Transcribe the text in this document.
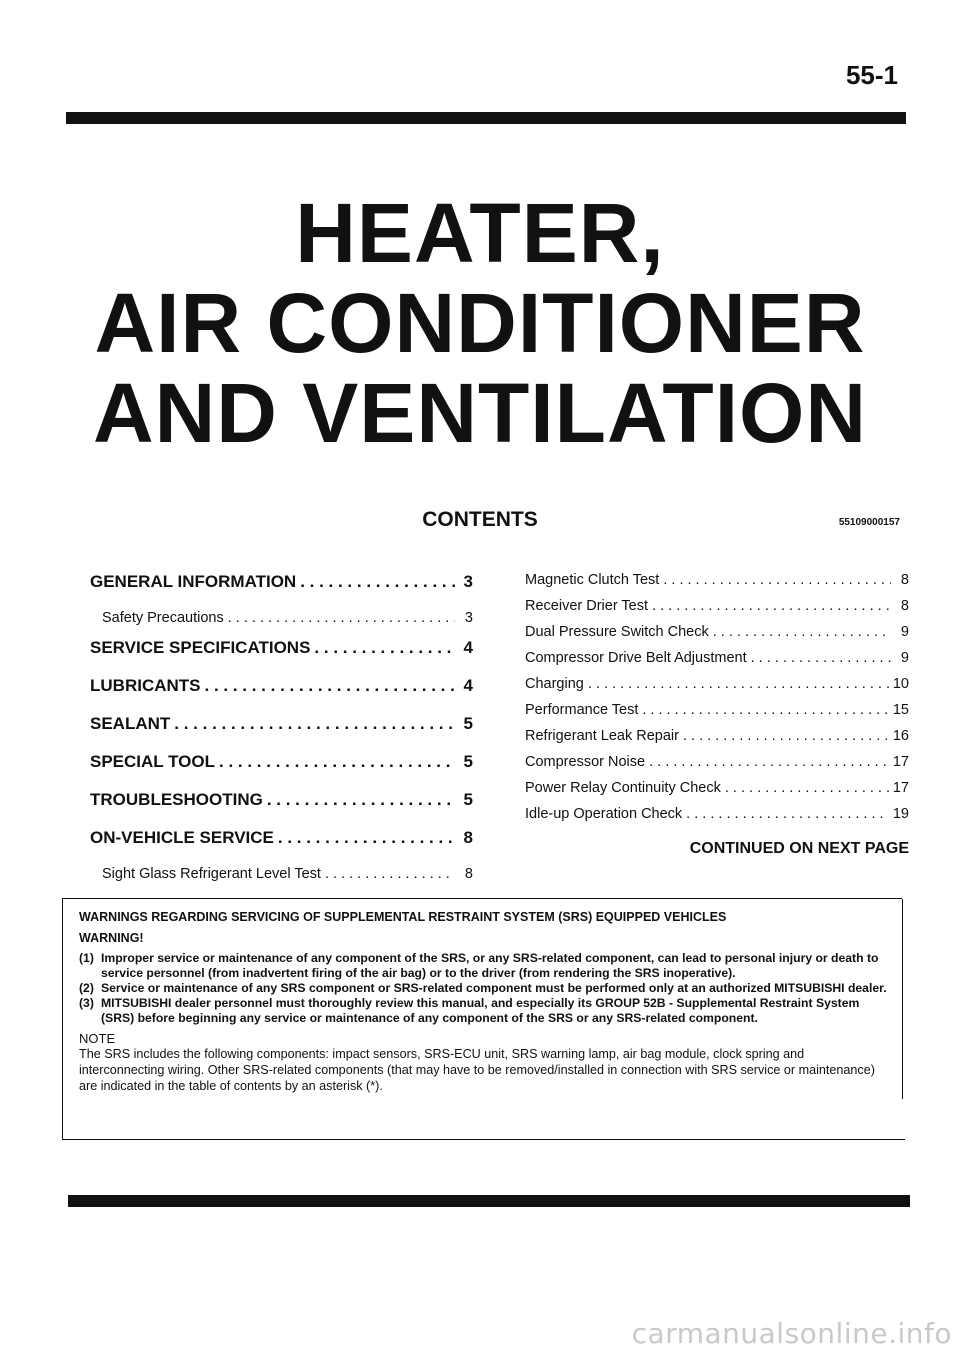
55-1
HEATER,
AIR CONDITIONER
AND VENTILATION
CONTENTS	55109000157
GENERAL INFORMATION . . .	3
Safety Precautions . . .	3
SERVICE SPECIFICATIONS . . .	4
LUBRICANTS . . .	4
SEALANT . . .	5
SPECIAL TOOL . . .	5
TROUBLESHOOTING . . .	5
ON-VEHICLE SERVICE . . .	8
Sight Glass Refrigerant Level Test . . .	8
Magnetic Clutch Test . . .	8
Receiver Drier Test . . .	8
Dual Pressure Switch Check . . .	9
Compressor Drive Belt Adjustment . . .	9
Charging . . .	10
Performance Test . . .	15
Refrigerant Leak Repair . . .	16
Compressor Noise . . .	17
Power Relay Continuity Check . . .	17
Idle-up Operation Check . . .	19
CONTINUED ON NEXT PAGE
WARNINGS REGARDING SERVICING OF SUPPLEMENTAL RESTRAINT SYSTEM (SRS) EQUIPPED VEHICLES
WARNING!
(1) Improper service or maintenance of any component of the SRS, or any SRS-related component, can lead to personal injury or death to service personnel (from inadvertent firing of the air bag) or to the driver (from rendering the SRS inoperative).
(2) Service or maintenance of any SRS component or SRS-related component must be performed only at an authorized MITSUBISHI dealer.
(3) MITSUBISHI dealer personnel must thoroughly review this manual, and especially its GROUP 52B - Supplemental Restraint System (SRS) before beginning any service or maintenance of any component of the SRS or any SRS-related component.
NOTE
The SRS includes the following components: impact sensors, SRS-ECU unit, SRS warning lamp, air bag module, clock spring and interconnecting wiring. Other SRS-related components (that may have to be removed/installed in connection with SRS service or maintenance) are indicated in the table of contents by an asterisk (*).
carmanualsonline.info
